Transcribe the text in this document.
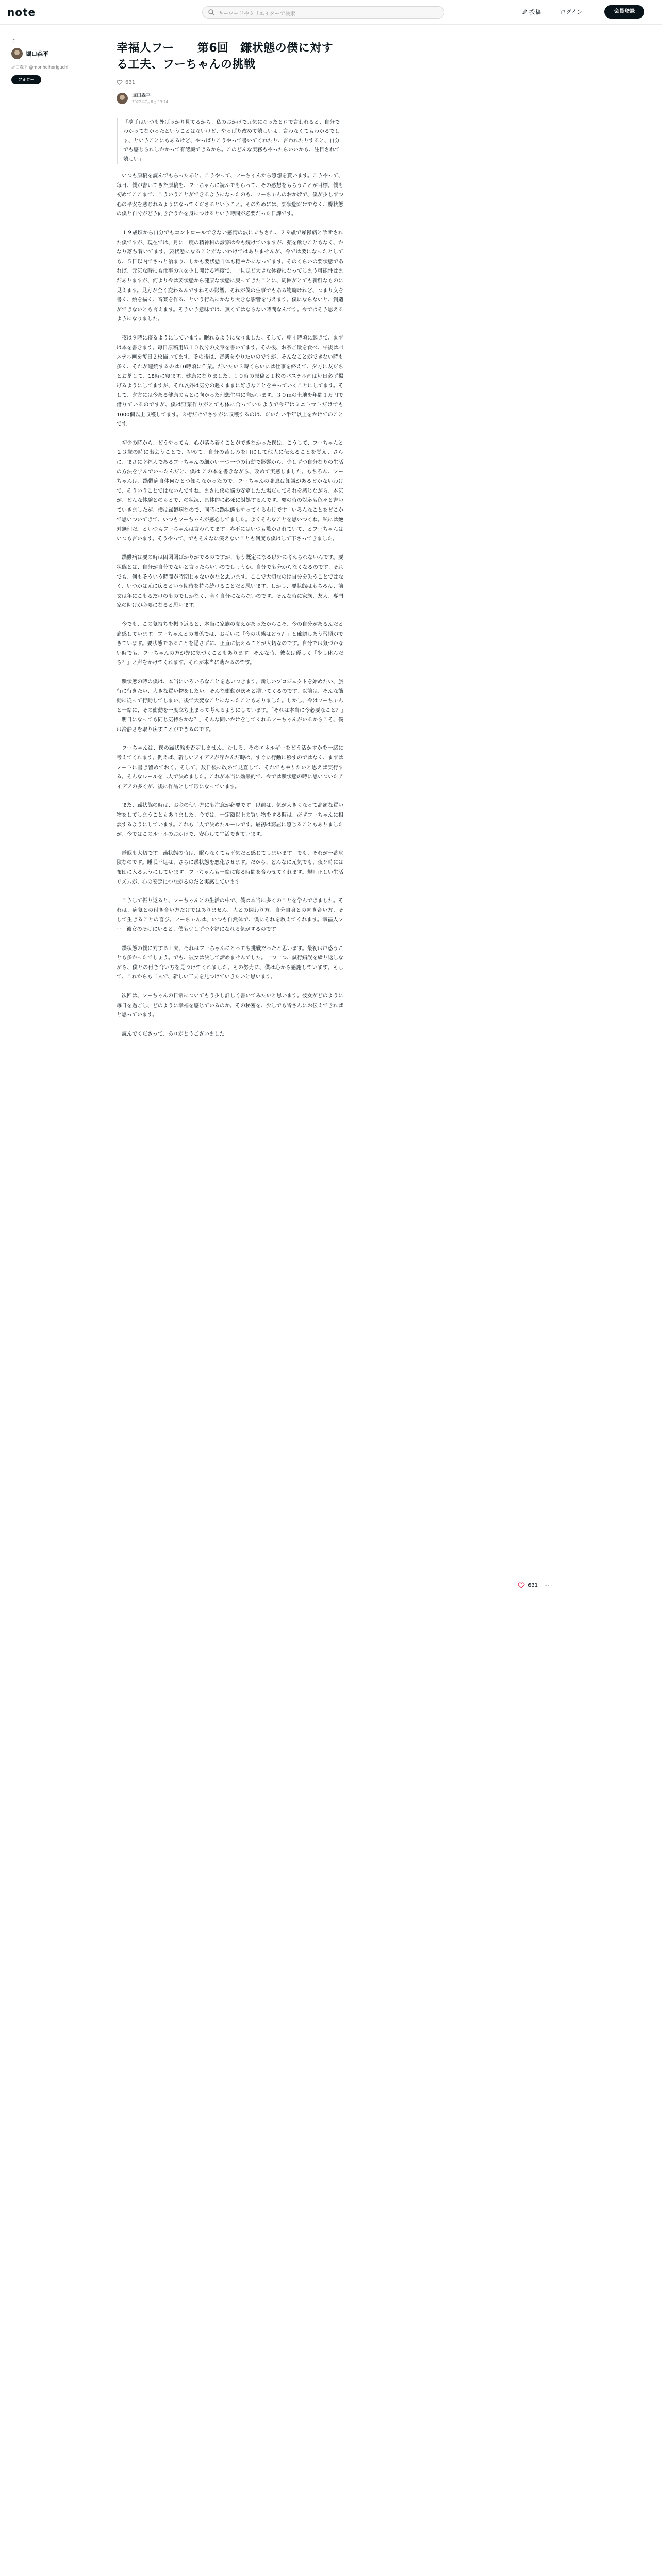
note	キーワードやクリエイターで検索	投稿	ログイン	会員登録
ご
堀口森平
堀口森平 @moriheihoriguchi
フォロー
幸福人フー　　第6回　鎌状態の僕に対する工夫、フーちゃんの挑戦
631
堀口森平
2022年7月8日 13:24
「夢手はいつも外ばっかり見てるから。私のおかげで元気になったとロで言われると、自分でわかってなかったということはないけど、やっぱり改めて嬉しいよ。言わなくてもわかるでしょ、ということにもあるけど、やっぱりこうやって書いてくれたり、言われたりすると、自分でも感じられしかかって有認識できるから。このどんな実務もやったらいいかも、注目されて嬉しい」

　いつも原稿を読んでもらったあと、こうやって、フーちゃんから感想を貰います。こうやって、毎日、僕が書いてきた原稿を、フーちゃんに読んでもらって、その感想をもらうことが目標。僕も初めてここまで、こういうことができるようになったのも、フーちゃんのおかげで、僕が少しずつ心の平安を感じれるようになってくださるということ。そのためには、要状態だけでなく、躁状態の僕と自分がどう向き合うかを身につけるという時間が必要だった日課です。

　１９歳頃から自分でもコントロールできない感情の波に立ちされ、２９歳で躁鬱病と診断された僕ですが、現在では、月に一度の精神科の診察は今も続けていますが、薬を飲むこともなく、かなり落ち着いてます。要状態になることがないわけではありませんが、今では要になったとしても、５日以内でさっと治まり、しかも要状態自体も穏やかになってます。そのくらいの要状態であれば、元気な時にも仕事の穴を少し開ける程度で、一見ほど大きな休養になってしまう可能性はまだありますが、何より今は要状態から健康な状態に戻ってきたことに、周囲がとても新鮮なものに見えます。見方が全く変わるんですねその影響。それが僕の生事でもある範疇けれど、つまり文を書く、絵を描く、音楽を作る、という行為にかなり大きな影響を与えます。僕にならないと、創造ができないとも言えます。そういう意味では、無くてはならない時間なんです。今ではそう思えるようになりました。

　夜は９時に寝るようにしています。眠れるようになりました。そして、朝４時頃に起きて、まずは本を書きます。毎日原稿用紙１０枚分の文章を書いてます。その後、お茶ご飯を食べ、午後はパステル画を毎日２枚描いてます。その後は、音楽をやりたいのですが、そんなことができない時も多く、それが連続するのは10時頃に作業。だいたい３時くらいには仕事を終えて、夕方に友だちとお茶して、18時に寝ます。健康になりました。１０時の原稿と１枚のパステル画は毎日必ず掲げるようにしてますが、それ以外は気分の赴くままに好きなことをやっていくことにしてます。そして、夕方には今ある健康のもとに向かった理想生事に向かいます。３０ｍの土地を年間１万円で借りているのですが、僕は野菜作りがとても体に合っていたようで今年はミニトマトだけでも1000個以上収穫してます。３桁だけでさすがに収穫するのは、だいたい半年以上をかけてのことです。

　初少の時から、どうやっても、心が落ち着くことができなかった僕は、こうして、フーちゃんと２３歳の時に出会うことで、初めて、自分の苦しみを口にして他人に伝えることを覚え、さらに、まさに幸福人であるフーちゃんの細かい一つ一つの行動で影響から、少しずつ自分なりの生活の方法を学んでいったんだと、僕は この本を書きながら、改めて実感しました。もちろん、フーちゃんは、躁鬱病自体何ひとつ知らなかったので、フーちゃんの喘息は知識があるどかないわけで、そういうことではないんですね。まさに僕の悩の安定したた場だってそれを感じながら、本気が、どんな体験とのもとで、の状況、具体的に必死に対処するんです。要の時の対応も色々と書いていきましたが、僕は躁鬱病なので、同時に躁状態もやってくるわけです。いろんなことをどこかで思いついてきて、いつもフーちゃんが感心してました。よくそんなことを思いつくね。私には絶対無理だ。といつもフーちゃんは言われてます。赤不にはいつも驚かされていて、とフーちゃんはいつも言います。そうやって、でもそんなに笑えないことも何度も僕はして下さってきました。

　躁鬱病は要の時は困図図ばかりがでるのですが、もう既定になる以外に考えられないんです。要状態とは、自分が自分でないと言ったらいいのでしょうか。自分でも分からなくなるのです。それでも、何もそういう時間が時期じゃないかなと思います。ここで大切なのは自分を失うことではなく、いつかは元に戻るという期待を持ち続けることだと思います。しかし、要状態はもちろん、前文は年にこもるだけのものでしかなく、全く自分にならないのです。そんな時に家族、友人、専門家の助けが必要になると思います。

　今でも、この気持ちを振り返ると、本当に家族の支えがあったからこそ、今の自分があるんだと痛感しています。フーちゃんとの関係では、お互いに「今の状態はどう？」と確認しあう習慣ができています。要状態であることを隠さずに、正直に伝えることが大切なのです。自分では気づかない時でも、フーちゃんの方が先に気づくこともあります。そんな時、彼女は優しく「少し休んだら？」と声をかけてくれます。それが本当に助かるのです。

　躁状態の時の僕は、本当にいろいろなことを思いつきます。新しいプロジェクトを始めたい、旅行に行きたい、大きな買い物をしたい。そんな衝動が次々と湧いてくるのです。以前は、そんな衝動に従って行動してしまい、後で大変なことになったこともありました。しかし、今はフーちゃんと一緒に、その衝動を一度立ち止まって考えるようにしています。「それは本当に今必要なこと？」「明日になっても同じ気持ちかな？」そんな問いかけをしてくれるフーちゃんがいるからこそ、僕は冷静さを取り戻すことができるのです。

　フーちゃんは、僕の躁状態を否定しません。むしろ、そのエネルギーをどう活かすかを一緒に考えてくれます。例えば、新しいアイデアが浮かんだ時は、すぐに行動に移すのではなく、まずはノートに書き留めておく。そして、数日後に改めて見直して、それでもやりたいと思えば実行する。そんなルールを二人で決めました。これが本当に効果的で、今では躁状態の時に思いついたアイデアの多くが、後に作品として形になっています。

　また、躁状態の時は、お金の使い方にも注意が必要です。以前は、気が大きくなって高額な買い物をしてしまうこともありました。今では、一定額以上の買い物をする時は、必ずフーちゃんに相談するようにしています。これも二人で決めたルールです。最初は窮屈に感じることもありましたが、今ではこのルールのおかげで、安心して生活できています。

　睡眠も大切です。躁状態の時は、眠らなくても平気だと感じてしまいます。でも、それが一番危険なのです。睡眠不足は、さらに躁状態を悪化させます。だから、どんなに元気でも、夜９時には布団に入るようにしています。フーちゃんも一緒に寝る時間を合わせてくれます。規則正しい生活リズムが、心の安定につながるのだと実感しています。

　こうして振り返ると、フーちゃんとの生活の中で、僕は本当に多くのことを学んできました。それは、病気との付き合い方だけではありません。人との関わり方、自分自身との向き合い方、そして生きることの喜び。フーちゃんは、いつも自然体で、僕にそれを教えてくれます。幸福人フー。彼女のそばにいると、僕も少しずつ幸福になれる気がするのです。

　躁状態の僕に対する工夫、それはフーちゃんにとっても挑戦だったと思います。最初は戸惑うことも多かったでしょう。でも、彼女は決して諦めませんでした。一つ一つ、試行錯誤を繰り返しながら、僕との付き合い方を見つけてくれました。その努力に、僕は心から感謝しています。そして、これからも二人で、新しい工夫を見つけていきたいと思います。

　次回は、フーちゃんの日常についてもう少し詳しく書いてみたいと思います。彼女がどのように毎日を過ごし、どのように幸福を感じているのか。その秘密を、少しでも皆さんにお伝えできればと思っています。

　読んでくださって、ありがとうございました。

631 ···
